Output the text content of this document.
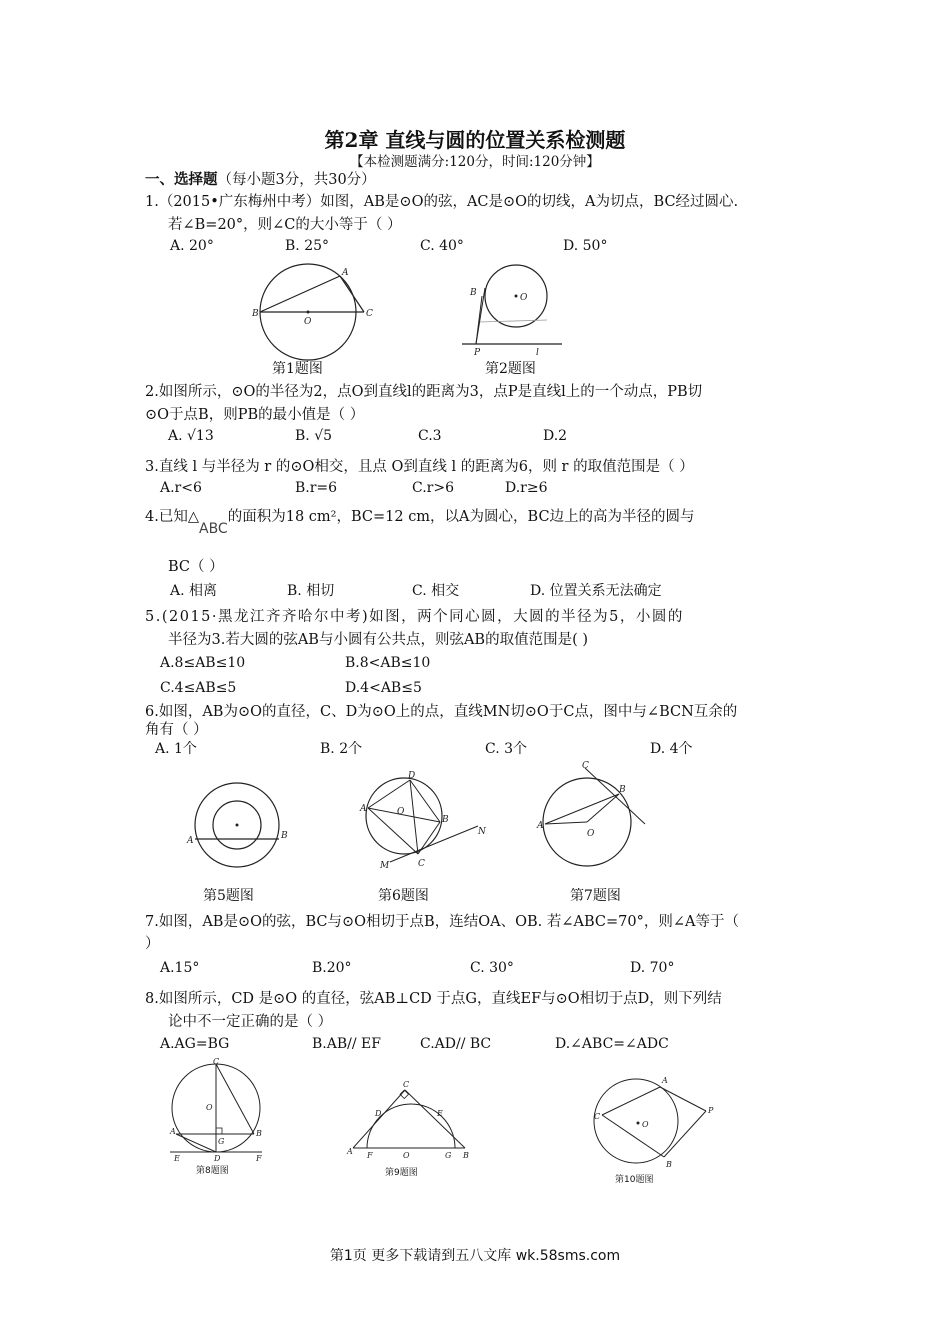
第2章 直线与圆的位置关系检测题
【本检测题满分:120分，时间:120分钟】
一、选择题（每小题3分，共30分）
1.（2015•广东梅州中考）如图，AB是⊙O的弦，AC是⊙O的切线，A为切点，BC经过圆心.
若∠B=20°，则∠C的大小等于（ ）
A. 20°	B. 25°	C. 40°	D. 50°
B
O
A
C
第1题图
B	O
P	l
第2题图
2.如图所示，⊙O的半径为2，点O到直线l的距离为3，点P是直线l上的一个动点，PB切
⊙O于点B，则PB的最小值是（ ）
A. √13	B. √5	C.3	D.2
3.直线 l 与半径为 r 的⊙O相交，且点 O到直线 l 的距离为6，则 r 的取值范围是（ ）
A.r<6	B.r=6	C.r>6	D.r≥6
4.已知△ABC的面积为18 cm²，BC=12 cm，以A为圆心，BC边上的高为半径的圆与
BC（ ）
A. 相离	B. 相切	C. 相交	D. 位置关系无法确定
5.(2015·黑龙江齐齐哈尔中考)如图，两个同心圆，大圆的半径为5，小圆的
半径为3.若大圆的弦AB与小圆有公共点，则弦AB的取值范围是( )
A.8≤AB≤10	B.8<AB≤10
C.4≤AB≤5	D.4<AB≤5
6.如图，AB为⊙O的直径，C、D为⊙O上的点，直线MN切⊙O于C点，图中与∠BCN互余的
角有（ ）
A. 1个	B. 2个	C. 3个	D. 4个
A	B
第5题图
A
D
O
B
C
M
N
第6题图
A
O
B
C
第7题图
7.如图，AB是⊙O的弦，BC与⊙O相切于点B，连结OA、OB. 若∠ABC=70°，则∠A等于（
）
A.15°	B.20°	C. 30°	D. 70°
8.如图所示，CD 是⊙O 的直径，弦AB⊥CD 于点G，直线EF与⊙O相切于点D，则下列结
论中不一定正确的是（ ）
A.AG=BG	B.AB// EF	C.AD// BC	D.∠ABC=∠ADC
C
O
A	B
G
D
E	F
第8题图
C
D	E
A F	O	G B
第9题图
A
C
O
P
B
第10题图
第1页 更多下载请到五八文库 wk.58sms.com
